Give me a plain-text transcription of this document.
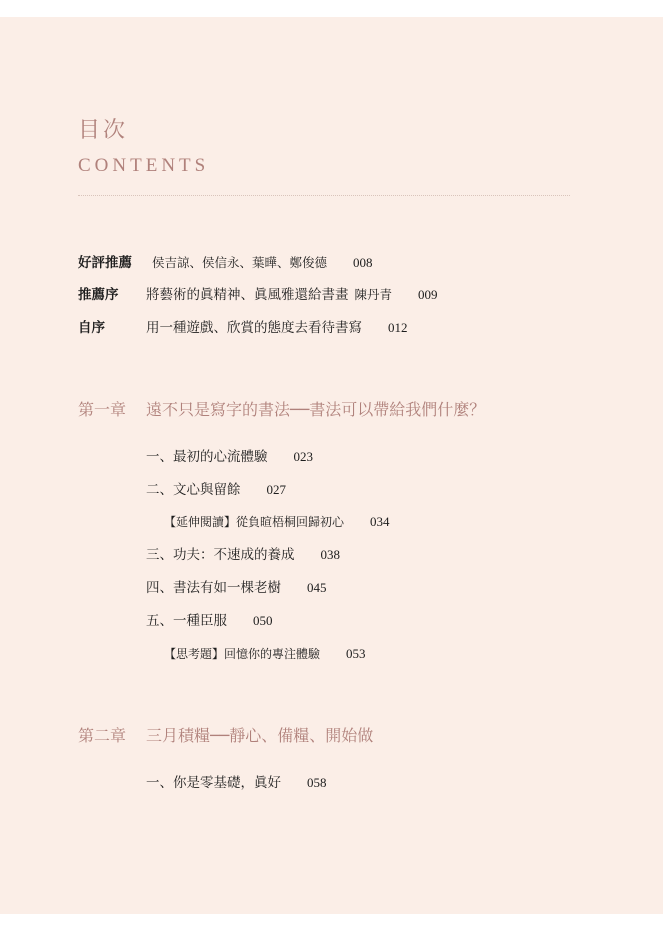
目次
CONTENTS
好評推薦 侯吉諒、侯信永、葉曄、鄭俊德 008
推薦序 將藝術的眞精神、眞風雅還給書畫 陳丹青 009
自序	用一種遊戲、欣賞的態度去看待書寫 012
第一章 遠不只是寫字的書法──書法可以帶給我們什麼？
一、最初的心流體驗 023
二、文心與留餘 027
【延伸閱讀】從負暄梧桐回歸初心 034
三、功夫：不速成的養成 038
四、書法有如一棵老樹 045
五、一種臣服 050
【思考題】回憶你的專注體驗 053
第二章 三月積糧──靜心、備糧、開始做
一、你是零基礎，眞好 058
